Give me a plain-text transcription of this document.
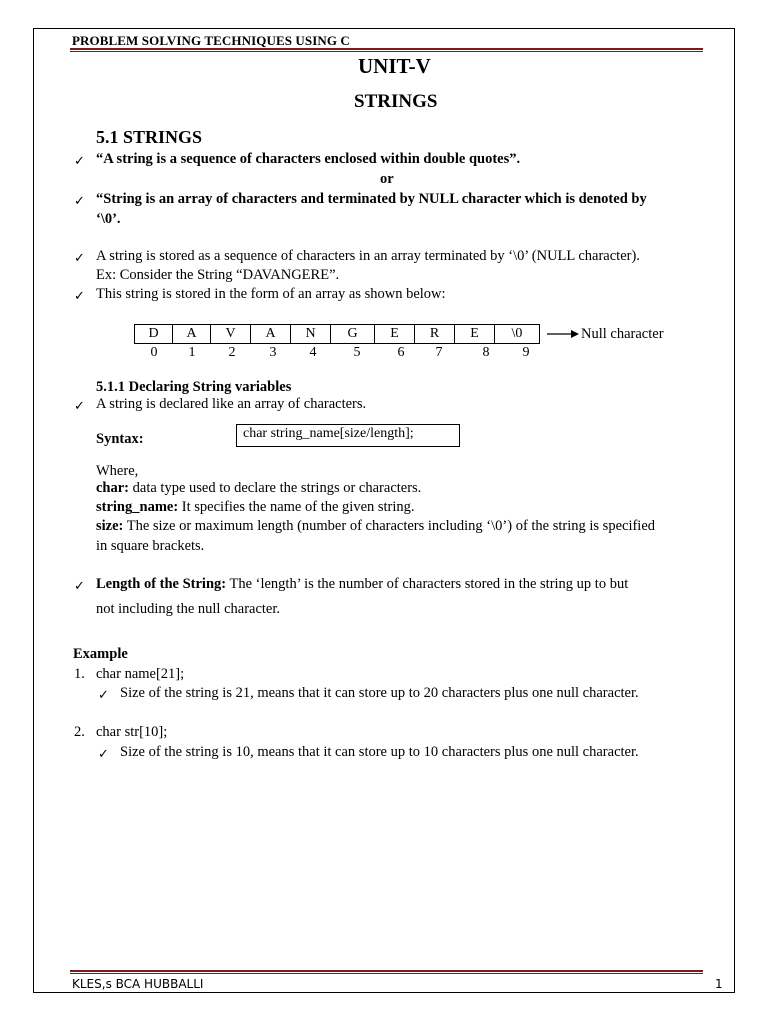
PROBLEM SOLVING TECHNIQUES USING C
UNIT-V
STRINGS
5.1 STRINGS
✓ “A string is a sequence of characters enclosed within double quotes”.
or
✓ “String is an array of characters and terminated by NULL character which is denoted by
‘\0’.
✓ A string is stored as a sequence of characters in an array terminated by ‘\0’ (NULL character).
Ex: Consider the String “DAVANGERE”.
✓ This string is stored in the form of an array as shown below:
D	A	V	A	N	G	E	R	E	\0	Null character
0	1	2	3	4	5	6	7	8	9
5.1.1 Declaring String variables
✓ A string is declared like an array of characters.
Syntax:	char string_name[size/length];
Where,
char: data type used to declare the strings or characters.
string_name: It specifies the name of the given string.
size: The size or maximum length (number of characters including ‘\0’) of the string is specified
in square brackets.
✓ Length of the String: The ‘length’ is the number of characters stored in the string up to but
not including the null character.
Example
1. char name[21];
✓ Size of the string is 21, means that it can store up to 20 characters plus one null character.
2. char str[10];
✓ Size of the string is 10, means that it can store up to 10 characters plus one null character.
KLES,s BCA HUBBALLI	1
